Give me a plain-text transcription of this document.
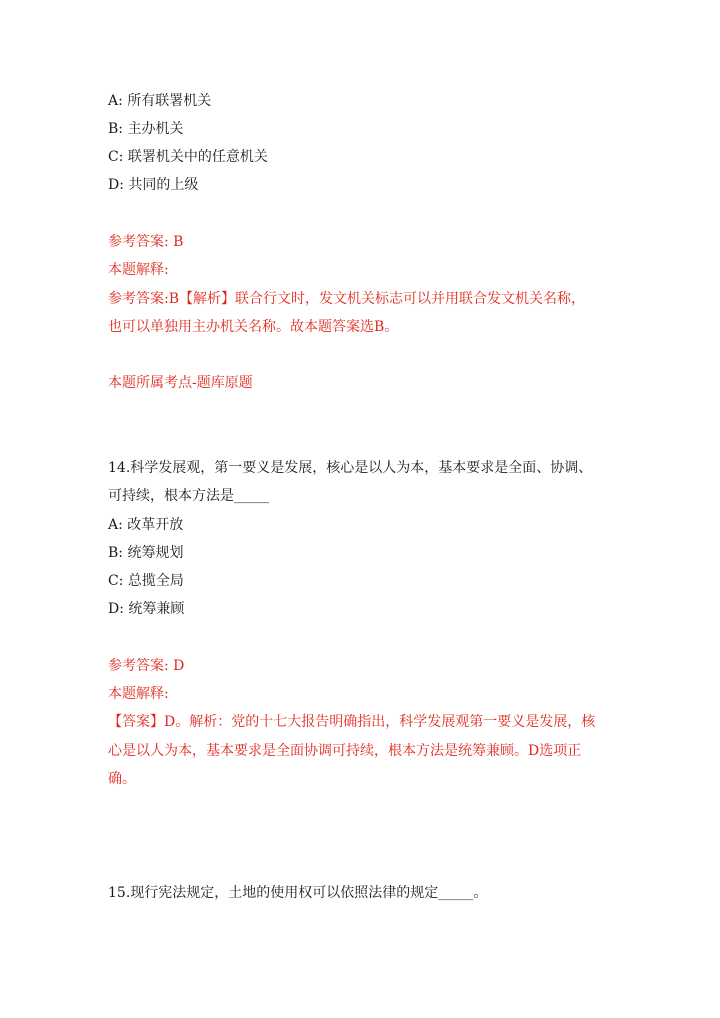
A: 所有联署机关
B: 主办机关
C: 联署机关中的任意机关
D: 共同的上级
参考答案: B
本题解释:
参考答案:B【解析】联合行文时，发文机关标志可以并用联合发文机关名称，
也可以单独用主办机关名称。故本题答案选B。
本题所属考点-题库原题
14.科学发展观，第一要义是发展，核心是以人为本，基本要求是全面、协调、
可持续，根本方法是_____
A: 改革开放
B: 统筹规划
C: 总揽全局
D: 统筹兼顾
参考答案: D
本题解释:
【答案】D。解析：党的十七大报告明确指出，科学发展观第一要义是发展，核
心是以人为本，基本要求是全面协调可持续，根本方法是统筹兼顾。D选项正
确。
15.现行宪法规定，土地的使用权可以依照法律的规定_____。
